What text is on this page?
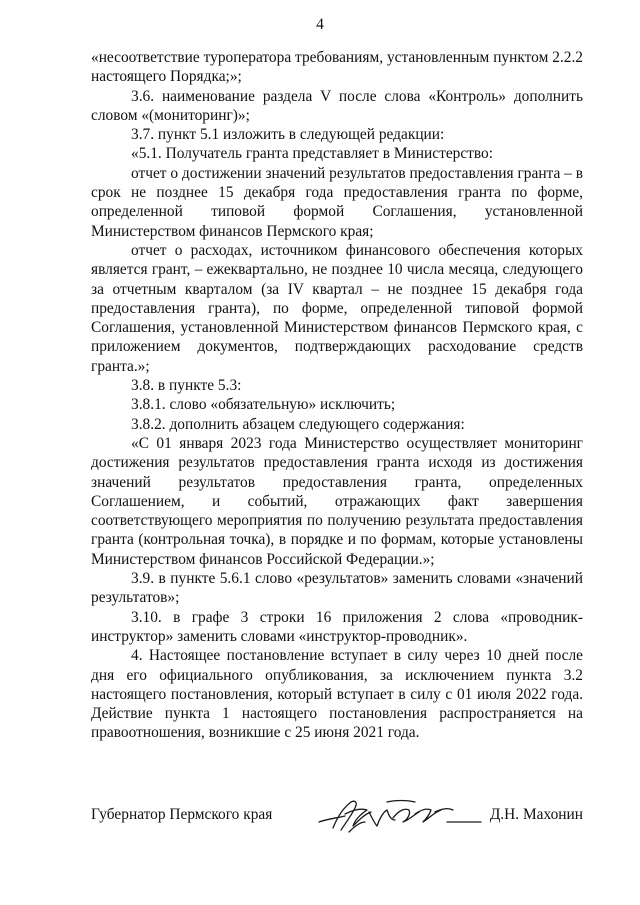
4

«несоответствие туроператора требованиям, установленным пунктом 2.2.2 настоящего Порядка;»;

3.6. наименование раздела V после слова «Контроль» дополнить словом «(мониторинг)»;

3.7. пункт 5.1 изложить в следующей редакции:

«5.1. Получатель гранта представляет в Министерство:

отчет о достижении значений результатов предоставления гранта – в срок не позднее 15 декабря года предоставления гранта по форме, определенной типовой формой Соглашения, установленной Министерством финансов Пермского края;

отчет о расходах, источником финансового обеспечения которых является грант, – ежеквартально, не позднее 10 числа месяца, следующего за отчетным кварталом (за IV квартал – не позднее 15 декабря года предоставления гранта), по форме, определенной типовой формой Соглашения, установленной Министерством финансов Пермского края, с приложением документов, подтверждающих расходование средств гранта.»;

3.8. в пункте 5.3:

3.8.1. слово «обязательную» исключить;

3.8.2. дополнить абзацем следующего содержания:

«С 01 января 2023 года Министерство осуществляет мониторинг достижения результатов предоставления гранта исходя из достижения значений результатов предоставления гранта, определенных Соглашением, и событий, отражающих факт завершения соответствующего мероприятия по получению результата предоставления гранта (контрольная точка), в порядке и по формам, которые установлены Министерством финансов Российской Федерации.»;

3.9. в пункте 5.6.1 слово «результатов» заменить словами «значений результатов»;

3.10. в графе 3 строки 16 приложения 2 слова «проводник-инструктор» заменить словами «инструктор-проводник».

4. Настоящее постановление вступает в силу через 10 дней после дня его официального опубликования, за исключением пункта 3.2 настоящего постановления, который вступает в силу с 01 июля 2022 года. Действие пункта 1 настоящего постановления распространяется на правоотношения, возникшие с 25 июня 2021 года.

Губернатор Пермского края	Д.Н. Махонин
